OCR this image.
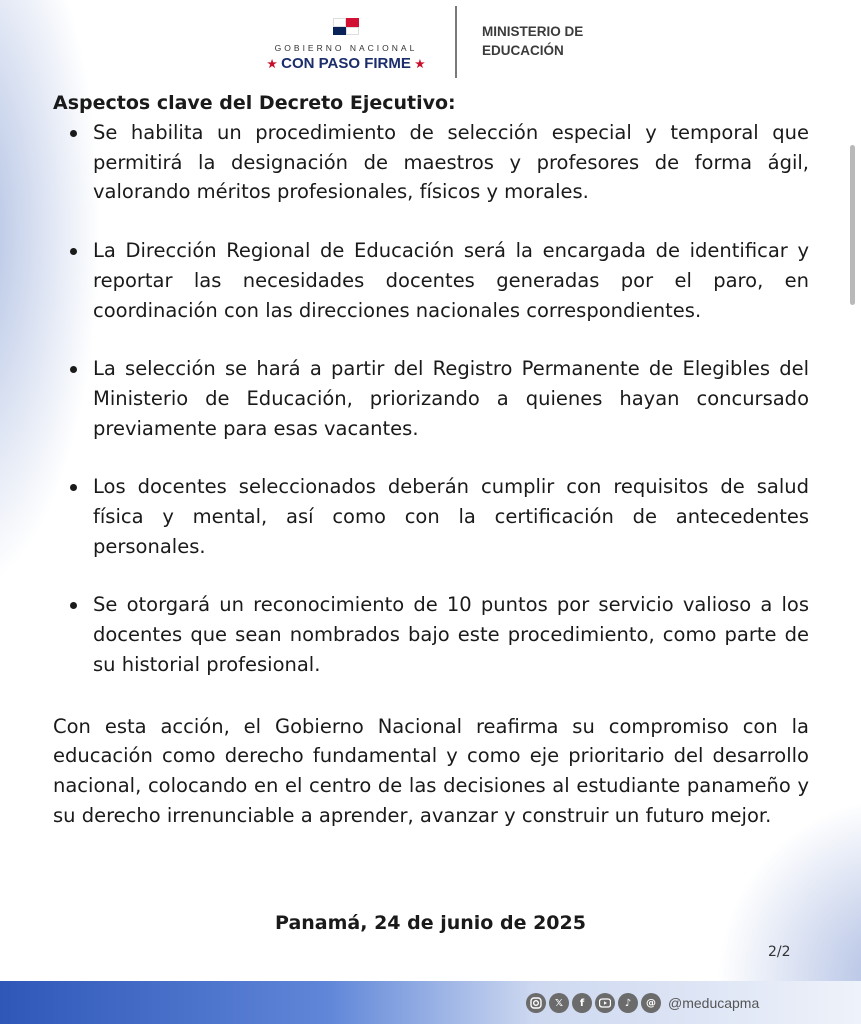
GOBIERNO NACIONAL
★ CON PASO FIRME ★
MINISTERIO DE
EDUCACIÓN
Aspectos clave del Decreto Ejecutivo:
Se habilita un procedimiento de selección especial y temporal que permitirá la designación de maestros y profesores de forma ágil, valorando méritos profesionales, físicos y morales.
La Dirección Regional de Educación será la encargada de identificar y reportar las necesidades docentes generadas por el paro, en coordinación con las direcciones nacionales correspondientes.
La selección se hará a partir del Registro Permanente de Elegibles del Ministerio de Educación, priorizando a quienes hayan concursado previamente para esas vacantes.
Los docentes seleccionados deberán cumplir con requisitos de salud física y mental, así como con la certificación de antecedentes personales.
Se otorgará un reconocimiento de 10 puntos por servicio valioso a los docentes que sean nombrados bajo este procedimiento, como parte de su historial profesional.

Con esta acción, el Gobierno Nacional reafirma su compromiso con la educación como derecho fundamental y como eje prioritario del desarrollo nacional, colocando en el centro de las decisiones al estudiante panameño y su derecho irrenunciable a aprender, avanzar y construir un futuro mejor.

Panamá, 24 de junio de 2025
2/2
𝕏	f	♪	@ @meducapma
